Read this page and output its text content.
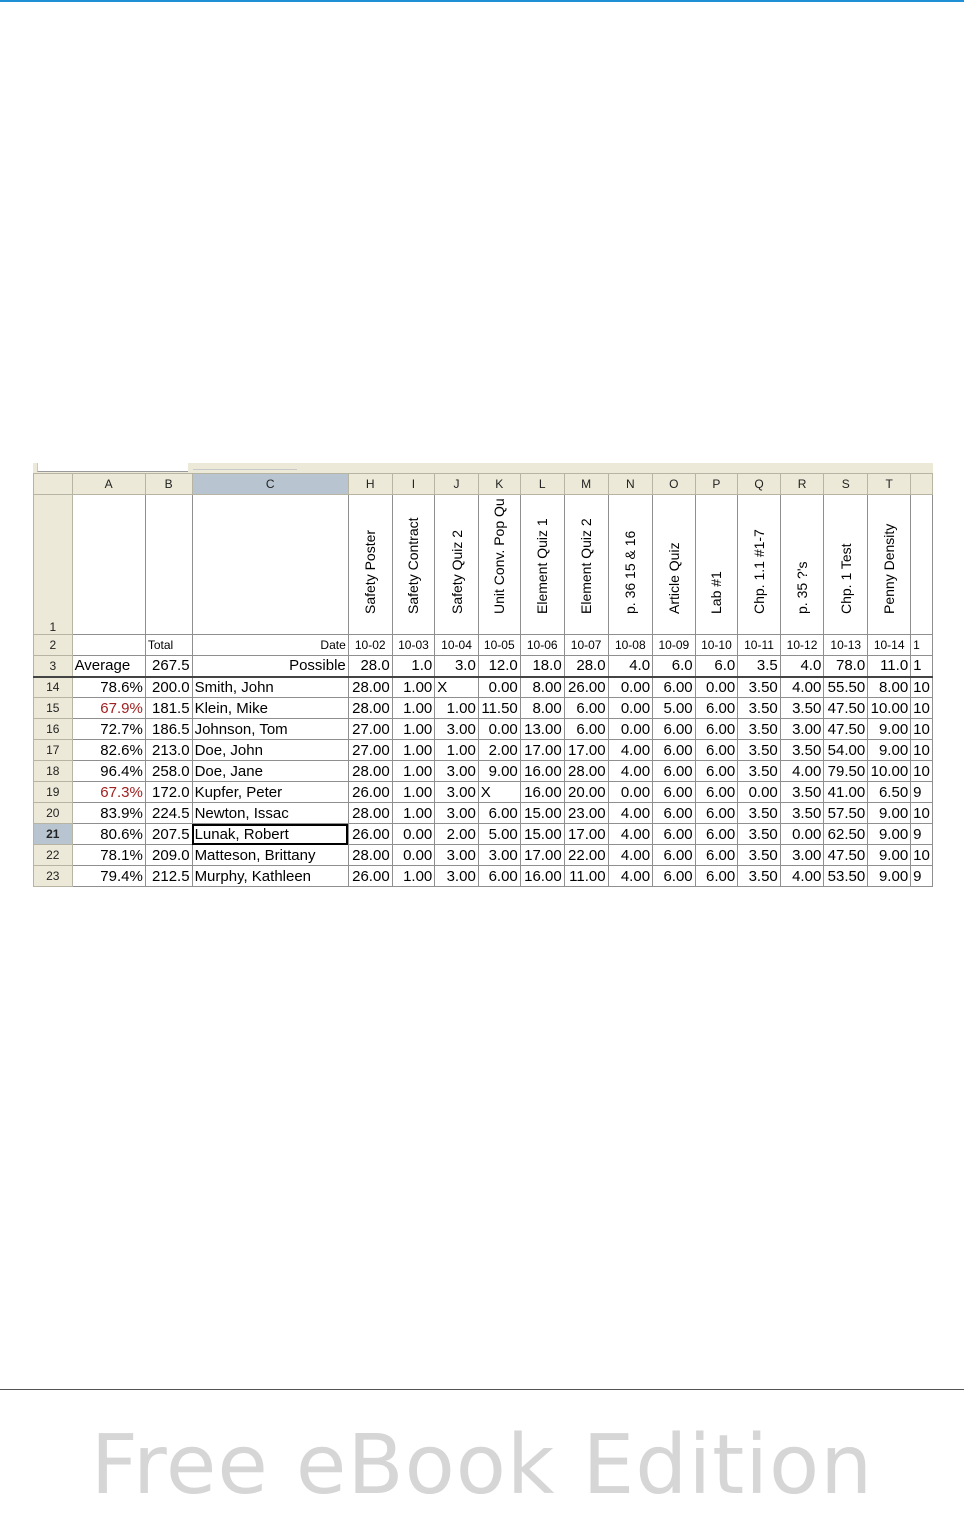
	A	B	C	H	I	J	K	L	M	N	O	P	Q	R	S	T	
1				Safety Poster	Safety Contract	Safety Quiz 2	Unit Conv. Pop Qu	Element Quiz 1	Element Quiz 2	p. 36 15 & 16	Article Quiz	Lab #1	Chp. 1.1 #1-7	p. 35 ?'s	Chp. 1 Test	Penny Density	

2		Total	Date	10-02	10-03	10-04	10-05	10-06	10-07	10-08	10-09	10-10	10-11	10-12	10-13	10-14	1
3	Average	267.5	Possible	28.0	1.0	3.0	12.0	18.0	28.0	4.0	6.0	6.0	3.5	4.0	78.0	11.0	1
14	78.6%	200.0	Smith, John	28.00	1.00	X	0.00	8.00	26.00	0.00	6.00	0.00	3.50	4.00	55.50	8.00	10
15	67.9%	181.5	Klein, Mike	28.00	1.00	1.00	11.50	8.00	6.00	0.00	5.00	6.00	3.50	3.50	47.50	10.00	10
16	72.7%	186.5	Johnson, Tom	27.00	1.00	3.00	0.00	13.00	6.00	0.00	6.00	6.00	3.50	3.00	47.50	9.00	10
17	82.6%	213.0	Doe, John	27.00	1.00	1.00	2.00	17.00	17.00	4.00	6.00	6.00	3.50	3.50	54.00	9.00	10
18	96.4%	258.0	Doe, Jane	28.00	1.00	3.00	9.00	16.00	28.00	4.00	6.00	6.00	3.50	4.00	79.50	10.00	10
19	67.3%	172.0	Kupfer, Peter	26.00	1.00	3.00	X	16.00	20.00	0.00	6.00	6.00	0.00	3.50	41.00	6.50	9
20	83.9%	224.5	Newton, Issac	28.00	1.00	3.00	6.00	15.00	23.00	4.00	6.00	6.00	3.50	3.50	57.50	9.00	10
21	80.6%	207.5	Lunak, Robert	26.00	0.00	2.00	5.00	15.00	17.00	4.00	6.00	6.00	3.50	0.00	62.50	9.00	9
22	78.1%	209.0	Matteson, Brittany	28.00	0.00	3.00	3.00	17.00	22.00	4.00	6.00	6.00	3.50	3.00	47.50	9.00	10
23	79.4%	212.5	Murphy, Kathleen	26.00	1.00	3.00	6.00	16.00	11.00	4.00	6.00	6.00	3.50	4.00	53.50	9.00	9
Free eBook Edition
